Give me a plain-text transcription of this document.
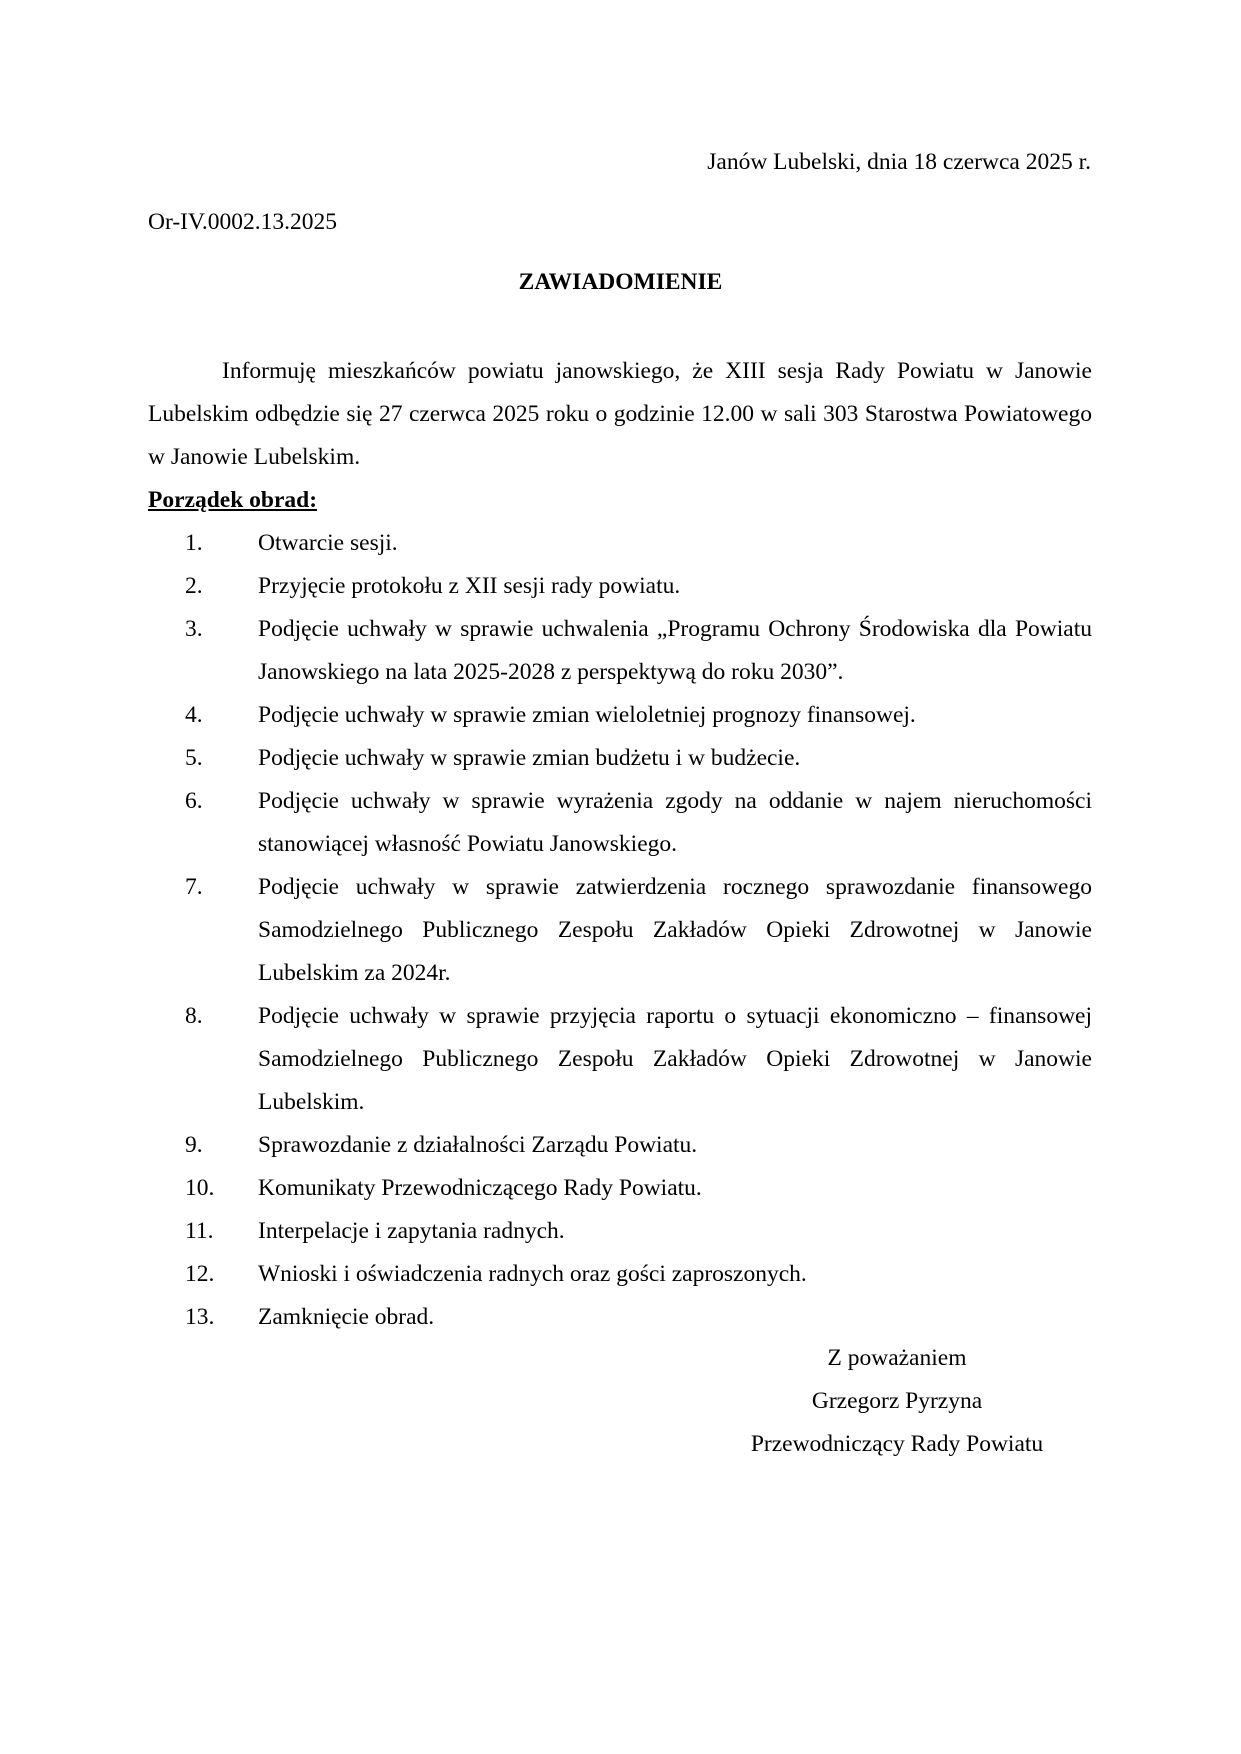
Janów Lubelski, dnia 18 czerwca 2025 r.
Or-IV.0002.13.2025
ZAWIADOMIENIE

Informuję mieszkańców powiatu janowskiego, że XIII sesja Rady Powiatu w Janowie Lubelskim odbędzie się 27 czerwca 2025 roku o godzinie 12.00 w sali 303 Starostwa Powiatowego w Janowie Lubelskim.

Porządek obrad:
1.	Otwarcie sesji.
2.	Przyjęcie protokołu z XII sesji rady powiatu.
3.	Podjęcie uchwały w sprawie uchwalenia „Programu Ochrony Środowiska dla Powiatu Janowskiego na lata 2025-2028 z perspektywą do roku 2030”.
4.	Podjęcie uchwały w sprawie zmian wieloletniej prognozy finansowej.
5.	Podjęcie uchwały w sprawie zmian budżetu i w budżecie.
6.	Podjęcie uchwały w sprawie wyrażenia zgody na oddanie w najem nieruchomości stanowiącej własność Powiatu Janowskiego.
7.	Podjęcie uchwały w sprawie zatwierdzenia rocznego sprawozdanie finansowego Samodzielnego Publicznego Zespołu Zakładów Opieki Zdrowotnej w Janowie Lubelskim za 2024r.
8.	Podjęcie uchwały w sprawie przyjęcia raportu o sytuacji ekonomiczno – finansowej Samodzielnego Publicznego Zespołu Zakładów Opieki Zdrowotnej w Janowie Lubelskim.
9.	Sprawozdanie z działalności Zarządu Powiatu.
10.	Komunikaty Przewodniczącego Rady Powiatu.
11.	Interpelacje i zapytania radnych.
12.	Wnioski i oświadczenia radnych oraz gości zaproszonych.
13.	Zamknięcie obrad.
Z poważaniem
Grzegorz Pyrzyna
Przewodniczący Rady Powiatu
